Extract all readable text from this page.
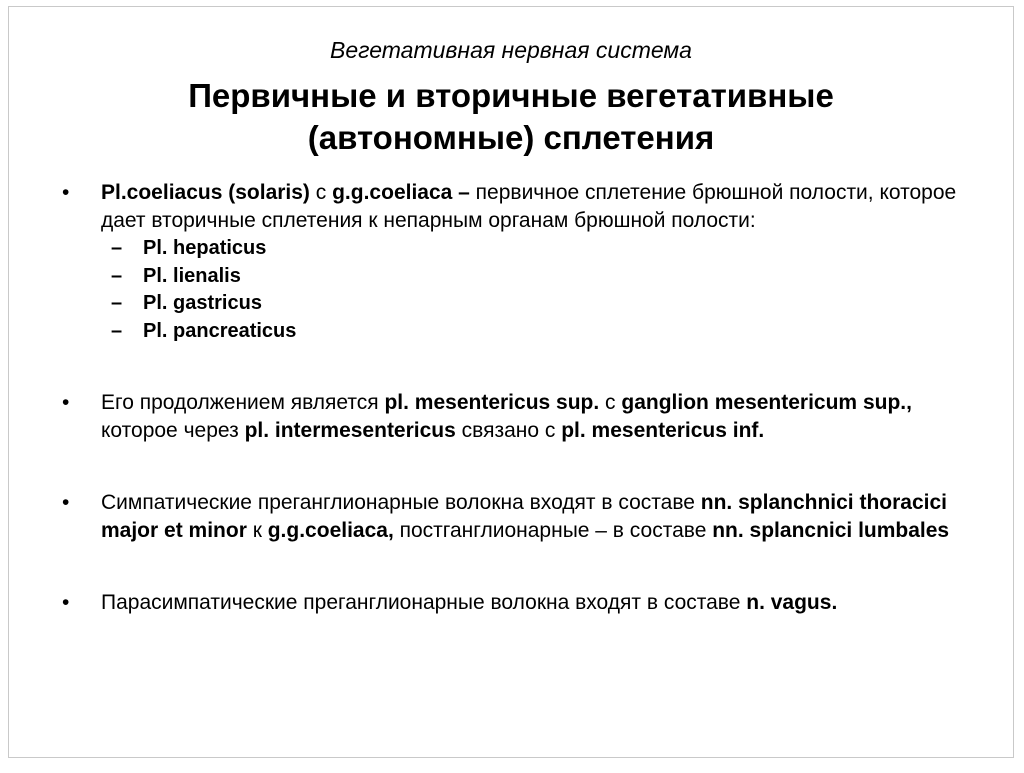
Вегетативная нервная система
Первичные и вторичные вегетативные
(автономные) сплетения
• Pl.coeliacus (solaris) с g.g.coeliaca – первичное сплетение брюшной полости, которое дает вторичные сплетения к непарным органам брюшной полости:
– Pl. hepaticus
– Pl. lienalis
– Pl. gastricus
– Pl. pancreaticus
• Его продолжением является pl. mesentericus sup. с ganglion mesentericum sup., которое через pl. intermesentericus связано с pl. mesentericus inf.
• Симпатические преганглионарные волокна входят в составе nn. splanchnici thoracici major et minor к g.g.coeliaca, постганглионарные – в составе nn. splancnici lumbales
• Парасимпатические преганглионарные волокна входят в составе n. vagus.
